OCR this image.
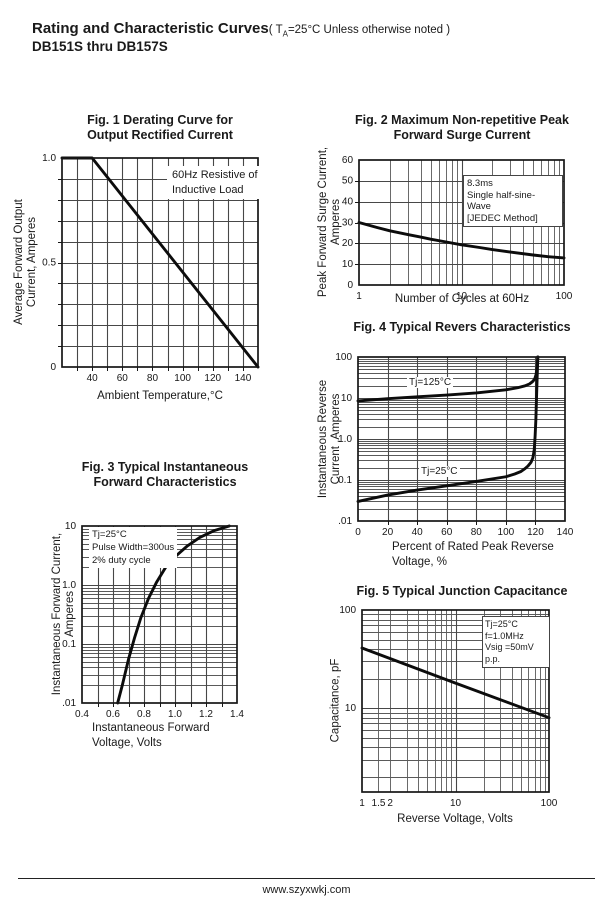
Rating and Characteristic Curves( $T_A=25^\circ C$ Unless otherwise noted )
DB151S thru DB157S
Fig. 1 Derating Curve for
Output Rectified Current
60Hz Resistive of
Inductive Load
Ambient Temperature,°C
Average Forward Output Current, Amperes
Fig. 2 Maximum Non-repetitive Peak
Forward Surge Current
8.3ms
Single half-sine-Wave
[JEDEC Method]
Number of Cycles at 60Hz
Peak Forward Surge Current, Amperes
Fig. 4 Typical Revers Characteristics
Tj=125°C
Tj=25°C
Percent of Rated Peak Reverse
Voltage, %
Instantaneous Reverse Current ,Amperes
Fig. 3 Typical Instantaneous
Forward Characteristics
Tj=25°C
Pulse Width=300us
2% duty cycle
Instantaneous Forward
Voltage, Volts
Instantaneous Forward Current, Amperes	Fig. 5 Typical Junction Capacitance
Tj=25°C
f=1.0MHz
Vsig =50mV p.p.
Reverse Voltage, Volts
Capacitance, pF
www.szyxwkj.com
